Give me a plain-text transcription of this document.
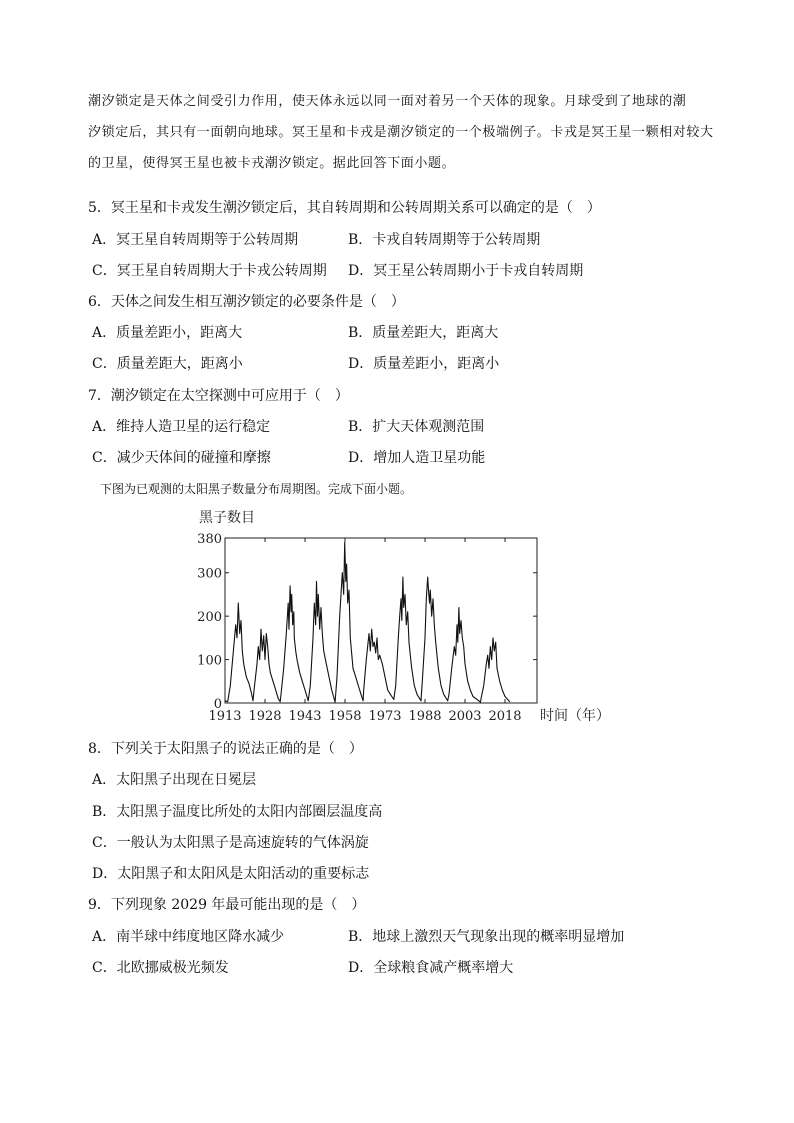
潮汐锁定是天体之间受引力作用，使天体永远以同一面对着另一个天体的现象。月球受到了地球的潮
汐锁定后，其只有一面朝向地球。冥王星和卡戎是潮汐锁定的一个极端例子。卡戎是冥王星一颗相对较大
的卫星，使得冥王星也被卡戎潮汐锁定。据此回答下面小题。
5．冥王星和卡戎发生潮汐锁定后，其自转周期和公转周期关系可以确定的是（　）
A．冥王星自转周期等于公转周期	B．卡戎自转周期等于公转周期
C．冥王星自转周期大于卡戎公转周期 D．冥王星公转周期小于卡戎自转周期
6．天体之间发生相互潮汐锁定的必要条件是（　）
A．质量差距小，距离大	B．质量差距大，距离大
C．质量差距大，距离小	D．质量差距小，距离小
7．潮汐锁定在太空探测中可应用于（　）
A．维持人造卫星的运行稳定	B．扩大天体观测范围
C．减少天体间的碰撞和摩擦	D．增加人造卫星功能
下图为已观测的太阳黑子数量分布周期图。完成下面小题。
0
100
200
300
380
1913 1928 1943 1958 1973 1988 2003 2018
黑子数目
时间（年）
8．下列关于太阳黑子的说法正确的是（　）
A．太阳黑子出现在日冕层
B．太阳黑子温度比所处的太阳内部圈层温度高
C．一般认为太阳黑子是高速旋转的气体涡旋
D．太阳黑子和太阳风是太阳活动的重要标志
9．下列现象 2029 年最可能出现的是（　）
A．南半球中纬度地区降水减少	B．地球上激烈天气现象出现的概率明显增加
C．北欧挪威极光频发	D．全球粮食减产概率增大
